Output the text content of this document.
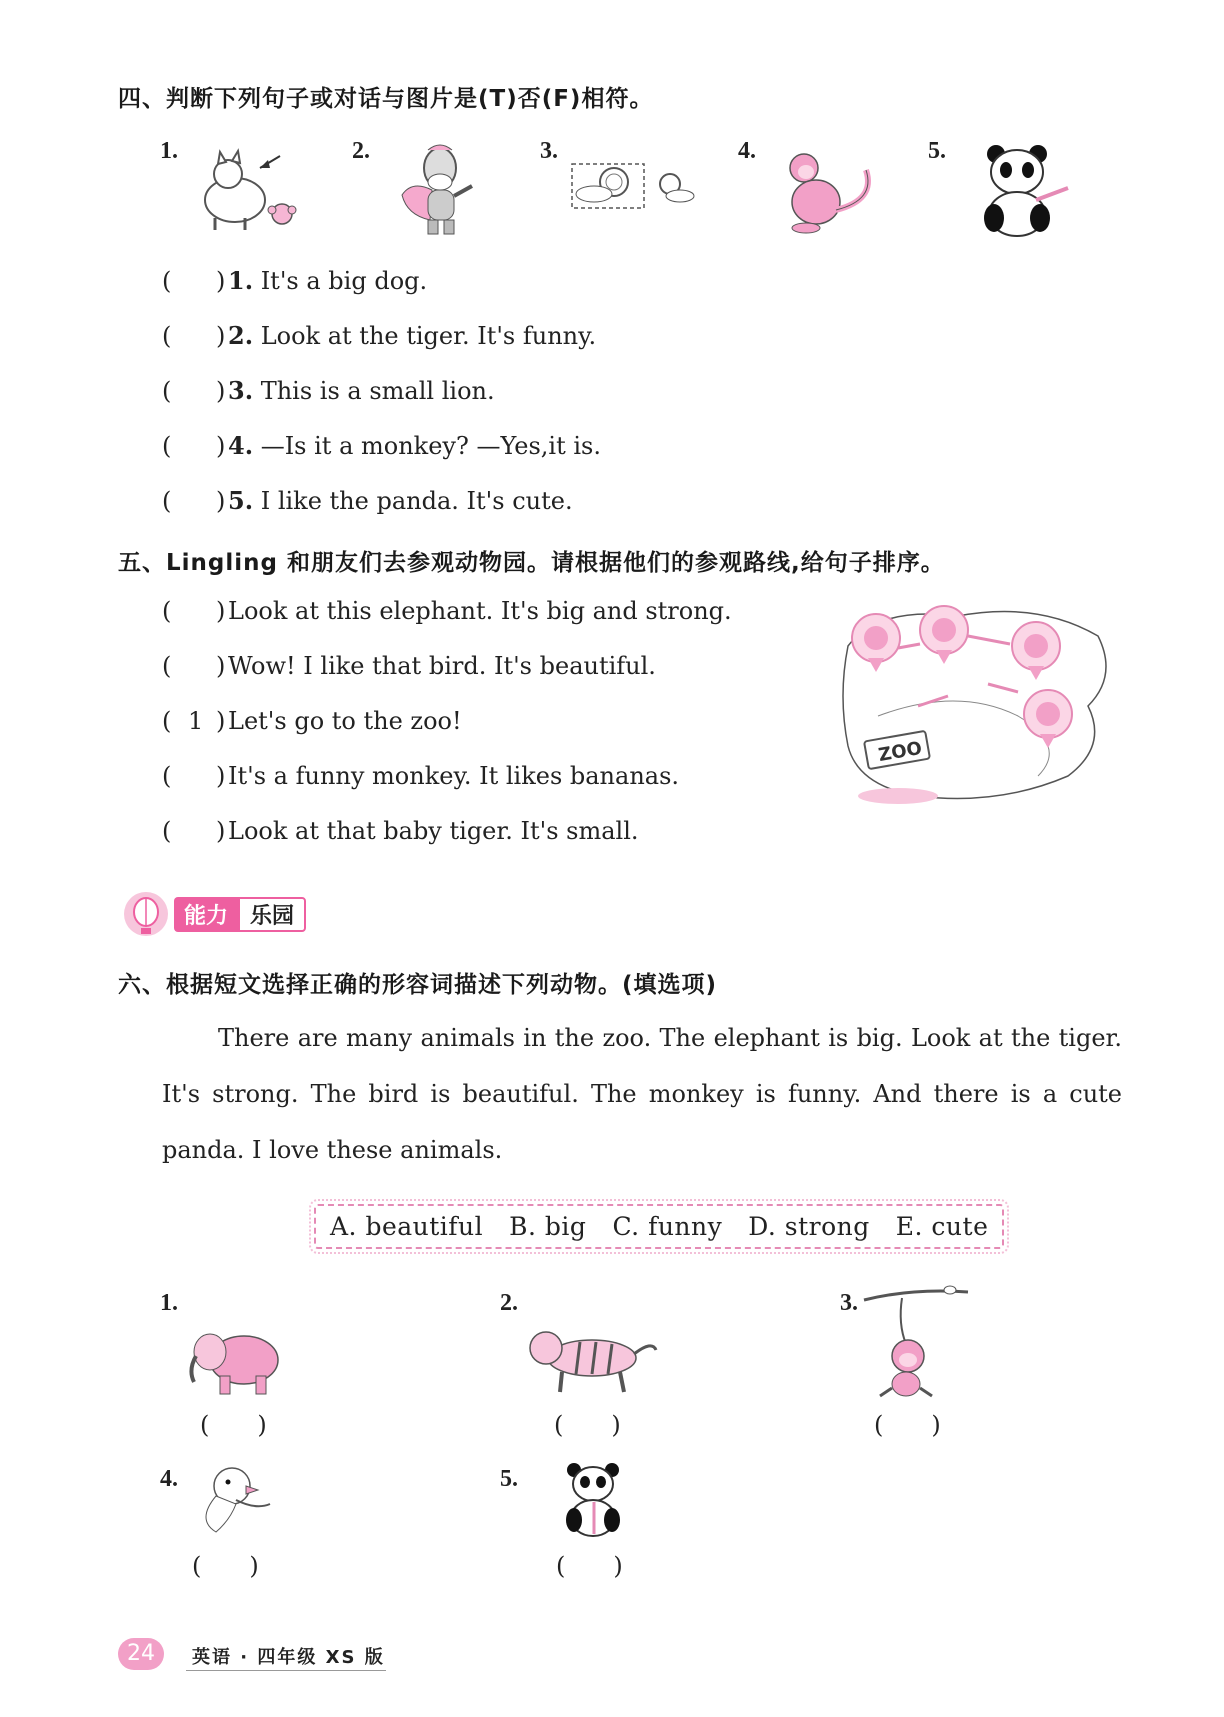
四、判断下列句子或对话与图片是(T)否(F)相符。
1.	2.	3.	4.	5.
( ) 1. It's a big dog.
( ) 2. Look at the tiger. It's funny.
( ) 3. This is a small lion.
( ) 4. —Is it a monkey? —Yes,it is.
( ) 5. I like the panda. It's cute.
五、Lingling 和朋友们去参观动物园。请根据他们的参观路线,给句子排序。
( ) Look at this elephant. It's big and strong.
( ) Wow! I like that bird. It's beautiful.
( 1 ) Let's go to the zoo!
( ) It's a funny monkey. It likes bananas.
( ) Look at that baby tiger. It's small.
ZOO
能力	乐园
六、根据短文选择正确的形容词描述下列动物。(填选项)
There are many animals in the zoo. The elephant is big. Look at the tiger. It's strong. The bird is beautiful. The monkey is funny. And there is a cute panda. I love these animals.
A. beautiful B. big C. funny D. strong E. cute
1.	2.	3.
4.	5.
(　　)	(　　)	(　　)
(　　)	(　　)
24	英语 · 四年级 XS 版
